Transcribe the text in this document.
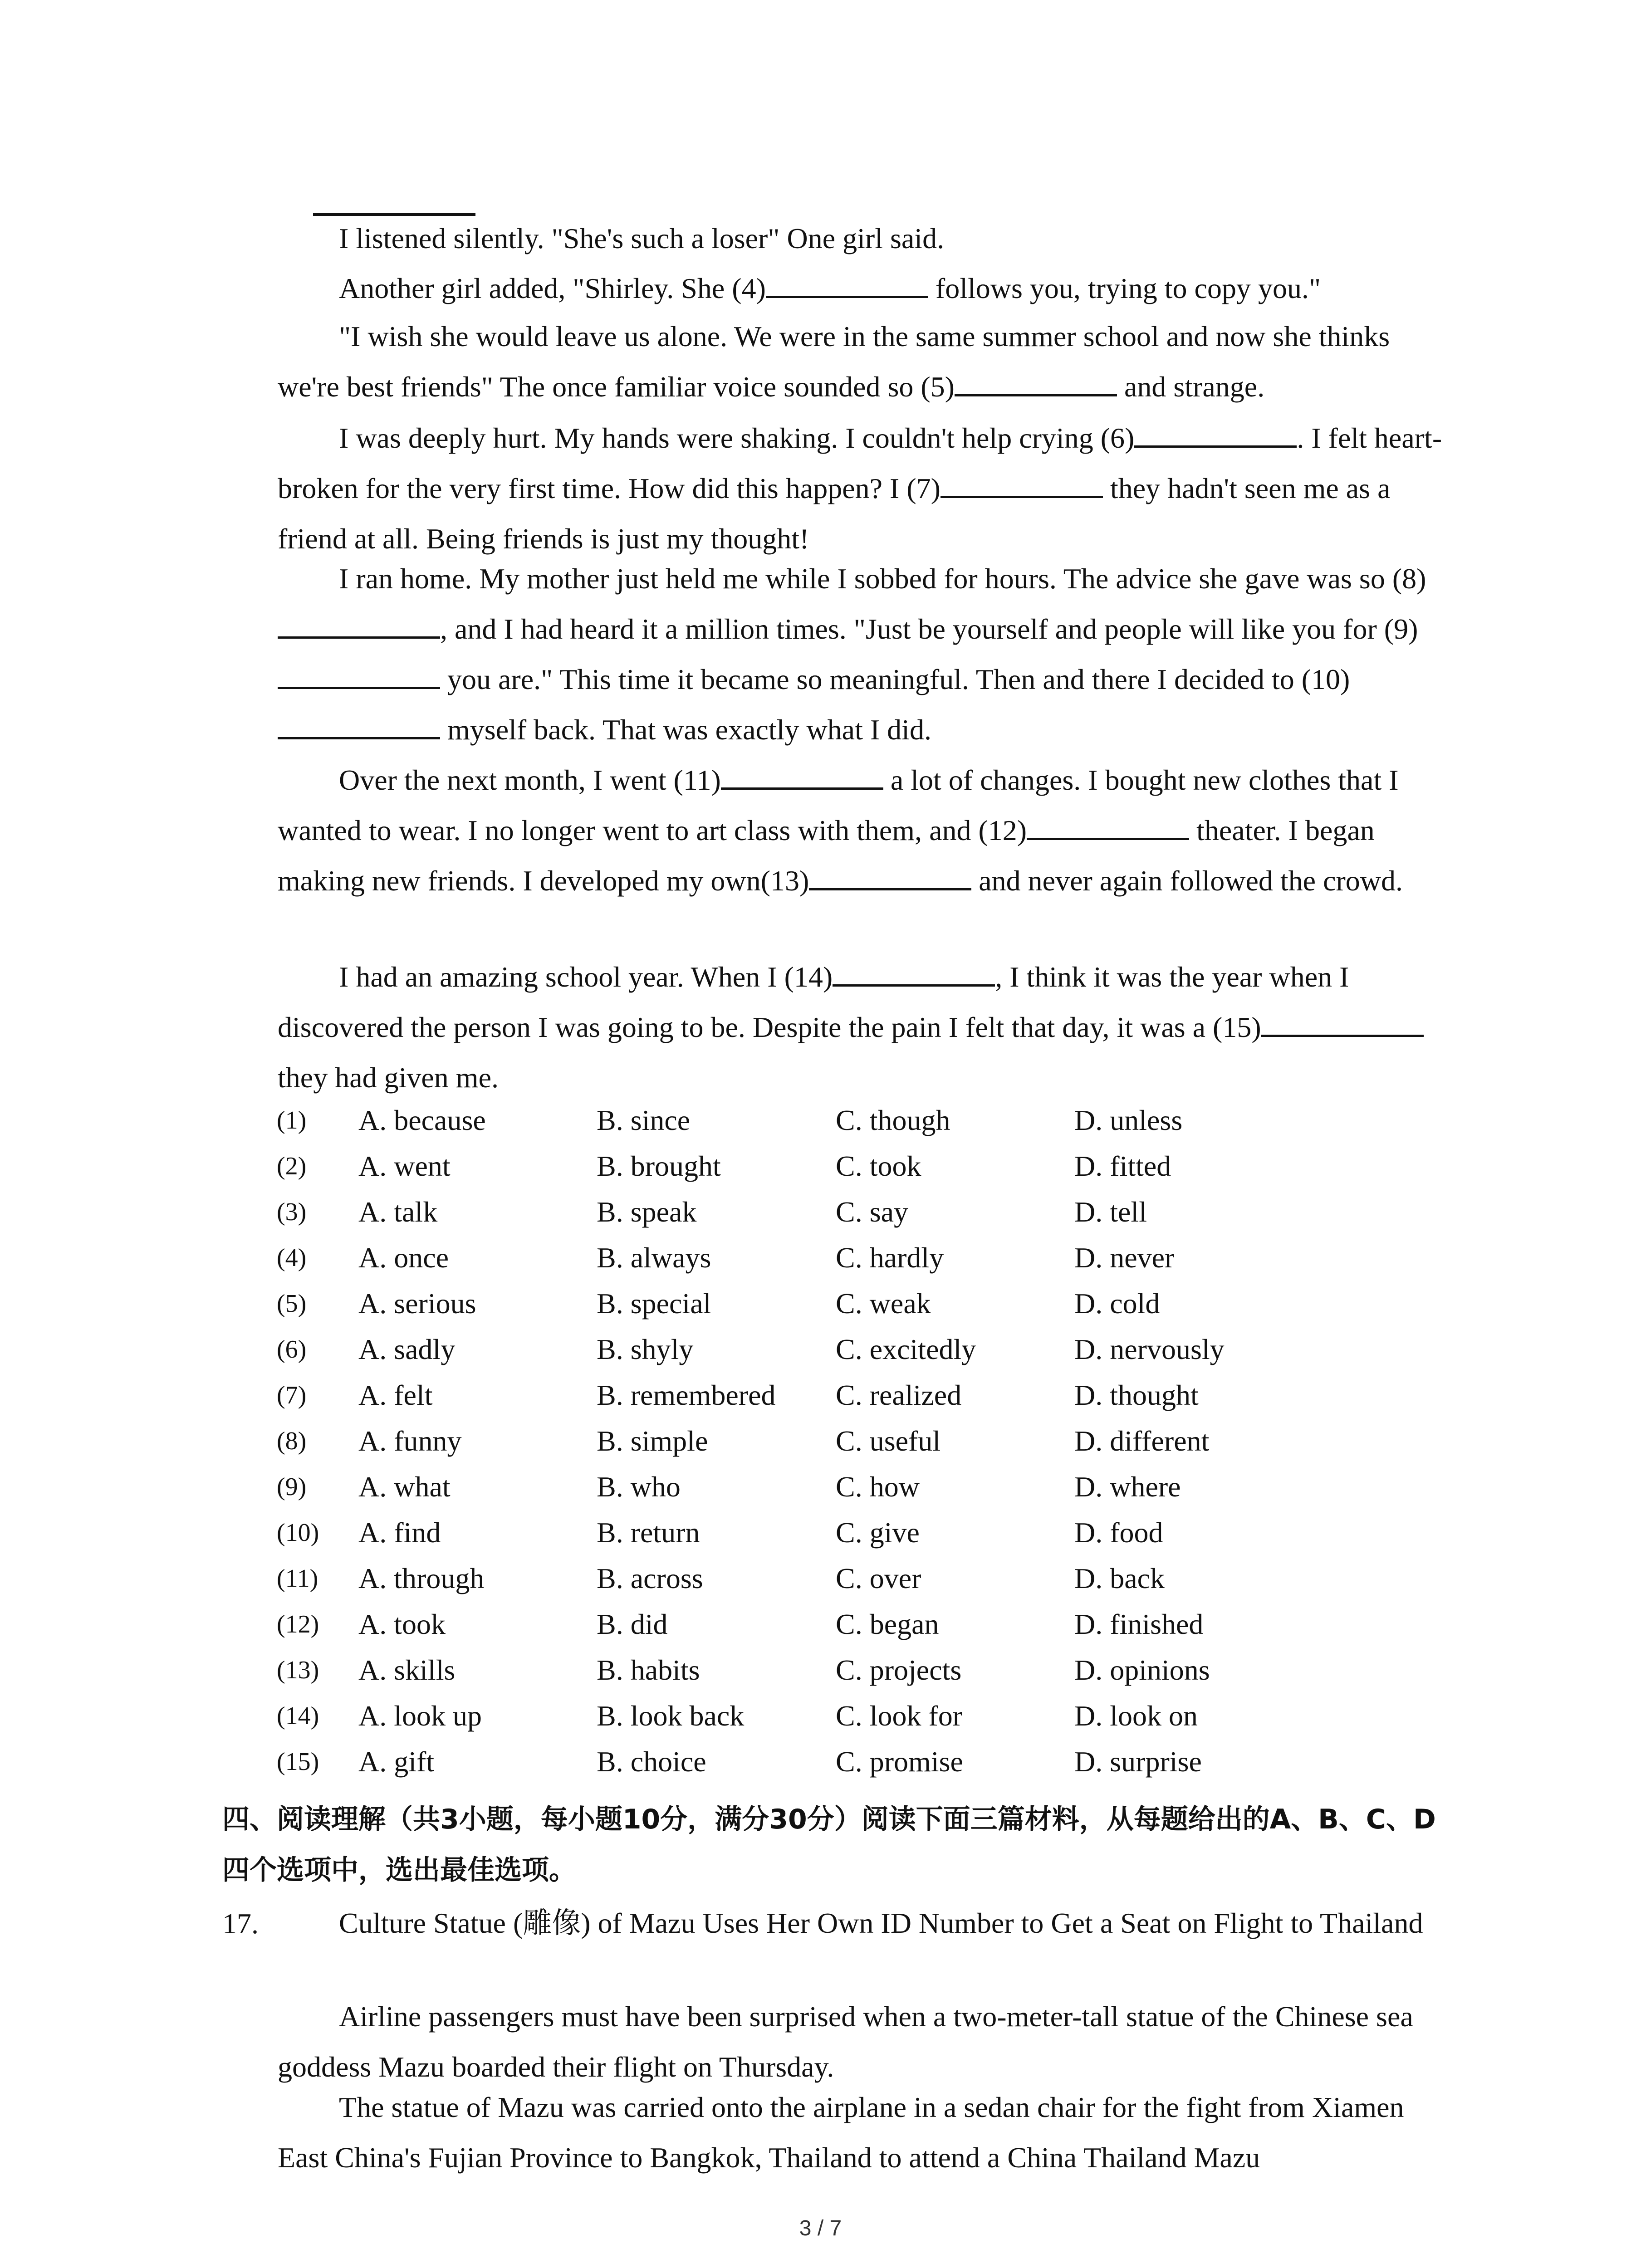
I listened silently. "She's such a loser" One girl said.

Another girl added, "Shirley. She (4)	follows you, trying to copy you."

"I wish she would leave us alone. We were in the same summer school and now she thinks we're best friends" The once familiar voice sounded so (5)	and strange.

I was deeply hurt. My hands were shaking. I couldn't help crying (6)	. I felt heart-broken for the very first time. How did this happen? I (7)	they hadn't seen me as a friend at all. Being friends is just my thought!

I ran home. My mother just held me while I sobbed for hours. The advice she gave was so (8), and I had heard it a million times. "Just be yourself and people will like you for (9) you are." This time it became so meaningful. Then and there I decided to (10) myself back. That was exactly what I did.

Over the next month, I went (11)	a lot of changes. I bought new clothes that I wanted to wear. I no longer went to art class with them, and (12)	theater. I began making new friends. I developed my own(13)	and never again followed the crowd.

I had an amazing school year. When I (14)	, I think it was the year when I discovered the person I was going to be. Despite the pain I felt that day, it was a (15) they had given me.

(1) A. because	B. since	C. though	D. unless
(2) A. went	B. brought	C. took	D. fitted
(3) A. talk	B. speak	C. say	D. tell
(4) A. once	B. always	C. hardly	D. never
(5) A. serious	B. special	C. weak	D. cold
(6) A. sadly	B. shyly	C. excitedly	D. nervously
(7) A. felt	B. remembered C. realized	D. thought
(8) A. funny	B. simple	C. useful	D. different
(9) A. what	B. who	C. how	D. where
(10) A. find	B. return	C. give	D. food
(11) A. through	B. across	C. over	D. back
(12) A. took	B. did	C. began	D. finished
(13) A. skills	B. habits	C. projects	D. opinions
(14) A. look up	B. look back	C. look for	D. look on
(15) A. gift	B. choice	C. promise	D. surprise

四、阅读理解（共3小题，每小题10分，满分30分）阅读下面三篇材料，从每题给出的A、B、C、D四个选项中，选出最佳选项。

17.	Culture Statue (雕像) of Mazu Uses Her Own ID Number to Get a Seat on Flight to Thailand

Airline passengers must have been surprised when a two-meter-tall statue of the Chinese sea goddess Mazu boarded their flight on Thursday.

The statue of Mazu was carried onto the airplane in a sedan chair for the fight from Xiamen East China's Fujian Province to Bangkok, Thailand to attend a China Thailand Mazu

3 / 7
